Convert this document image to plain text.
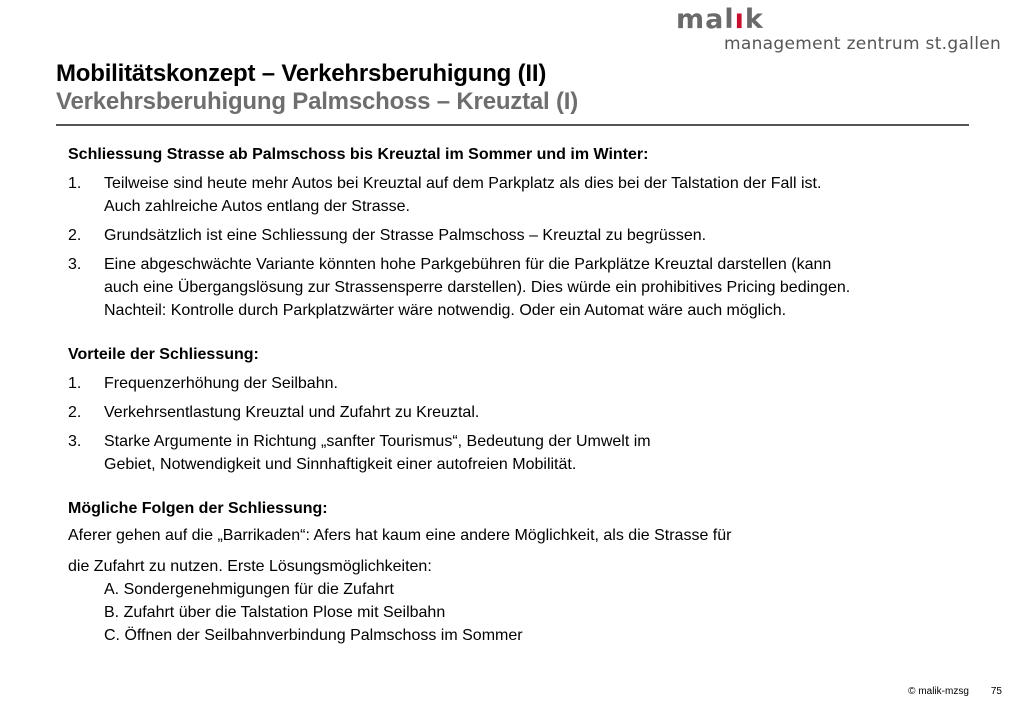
malık
management zentrum st.gallen
Mobilitätskonzept – Verkehrsberuhigung (II)
Verkehrsberuhigung Palmschoss – Kreuztal (I)
Schliessung Strasse ab Palmschoss bis Kreuztal im Sommer und im Winter:
1.	Teilweise sind heute mehr Autos bei Kreuztal auf dem Parkplatz als dies bei der Talstation der Fall ist.
Auch zahlreiche Autos entlang der Strasse.
2.	Grundsätzlich ist eine Schliessung der Strasse Palmschoss – Kreuztal zu begrüssen.
3.	Eine abgeschwächte Variante könnten hohe Parkgebühren für die Parkplätze Kreuztal darstellen (kann
auch eine Übergangslösung zur Strassensperre darstellen). Dies würde ein prohibitives Pricing bedingen.
Nachteil: Kontrolle durch Parkplatzwärter wäre notwendig. Oder ein Automat wäre auch möglich.
Vorteile der Schliessung:
1.	Frequenzerhöhung der Seilbahn.
2.	Verkehrsentlastung Kreuztal und Zufahrt zu Kreuztal.
3.	Starke Argumente in Richtung „sanfter Tourismus“, Bedeutung der Umwelt im
Gebiet, Notwendigkeit und Sinnhaftigkeit einer autofreien Mobilität.
Mögliche Folgen der Schliessung:

Aferer gehen auf die „Barrikaden“: Afers hat kaum eine andere Möglichkeit, als die Strasse für

die Zufahrt zu nutzen. Erste Lösungsmöglichkeiten:

A. Sondergenehmigungen für die Zufahrt
B. Zufahrt über die Talstation Plose mit Seilbahn
C. Öffnen der Seilbahnverbindung Palmschoss im Sommer
© malik-mzsg 75
